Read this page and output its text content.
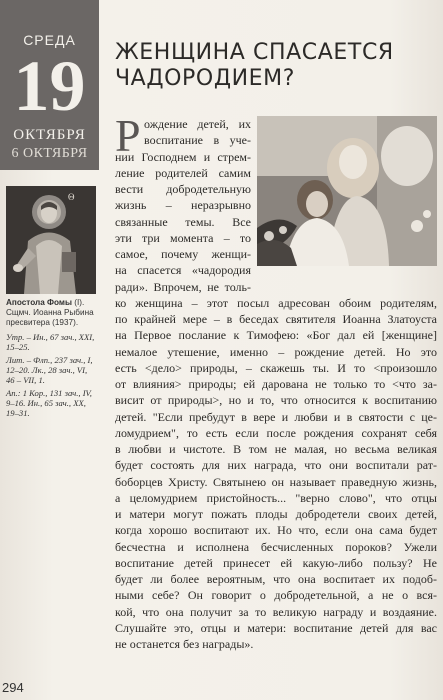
СРЕДА
19
ОКТЯБРЯ
6 ОКТЯБРЯ
Θ
Апостола Фомы (I).
Сщмч. Иоанна Рыбина пресвитера (1937).
Утр. – Ин., 67 зач., XXI, 15–25.
Лит. – Флп., 237 зач., I, 12–20. Лк., 28 зач., VI, 46 – VII, 1.
Ап.: 1 Кор., 131 зач., IV, 9–16. Ин., 65 зач., XX, 19–31.
ЖЕНЩИНА СПАСАЕТСЯ
ЧАДОРОДИЕМ?
Р ождение детей, их
воспитание в уче-
нии Господнем и стрем-
ление родителей самим
вести добродетельную
жизнь – неразрывно
связанные темы. Все
эти три момента – то
самое, почему женщи-
на спасется «чадородия
ради». Впрочем, не толь-
ко женщина – этот посыл адресован обоим родителям,
по крайней мере – в беседах святителя Иоанна Златоуста
на Первое послание к Тимофею: «Бог дал ей [женщине]
немалое утешение, именно – рождение детей. Но это
есть <дело> природы, – скажешь ты. И то <произошло
от влияния> природы; ей дарована не только то <что за-
висит от природы>, но и то, что относится к воспитанию
детей. "Если пребудут в вере и любви и в святости с це-
ломудрием", то есть если после рождения сохранят себя
в любви и чистоте. В том не малая, но весьма великая
будет состоять для них награда, что они воспитали рат-
боборцев Христу. Святынею он называет праведную жизнь,
а целомудрием пристойность... "верно слово", что отцы
и матери могут пожать плоды добродетели своих детей,
когда хорошо воспитают их. Но что, если она сама будет
бесчестна и исполнена бесчисленных пороков? Ужели
воспитание детей принесет ей какую-либо пользу? Не
будет ли более вероятным, что она воспитает их подоб-
ными себе? Он говорит о добродетельной, а не о вся-
кой, что она получит за то великую награду и воздаяние.
Слушайте это, отцы и матери: воспитание детей для вас
не останется без награды».
294
